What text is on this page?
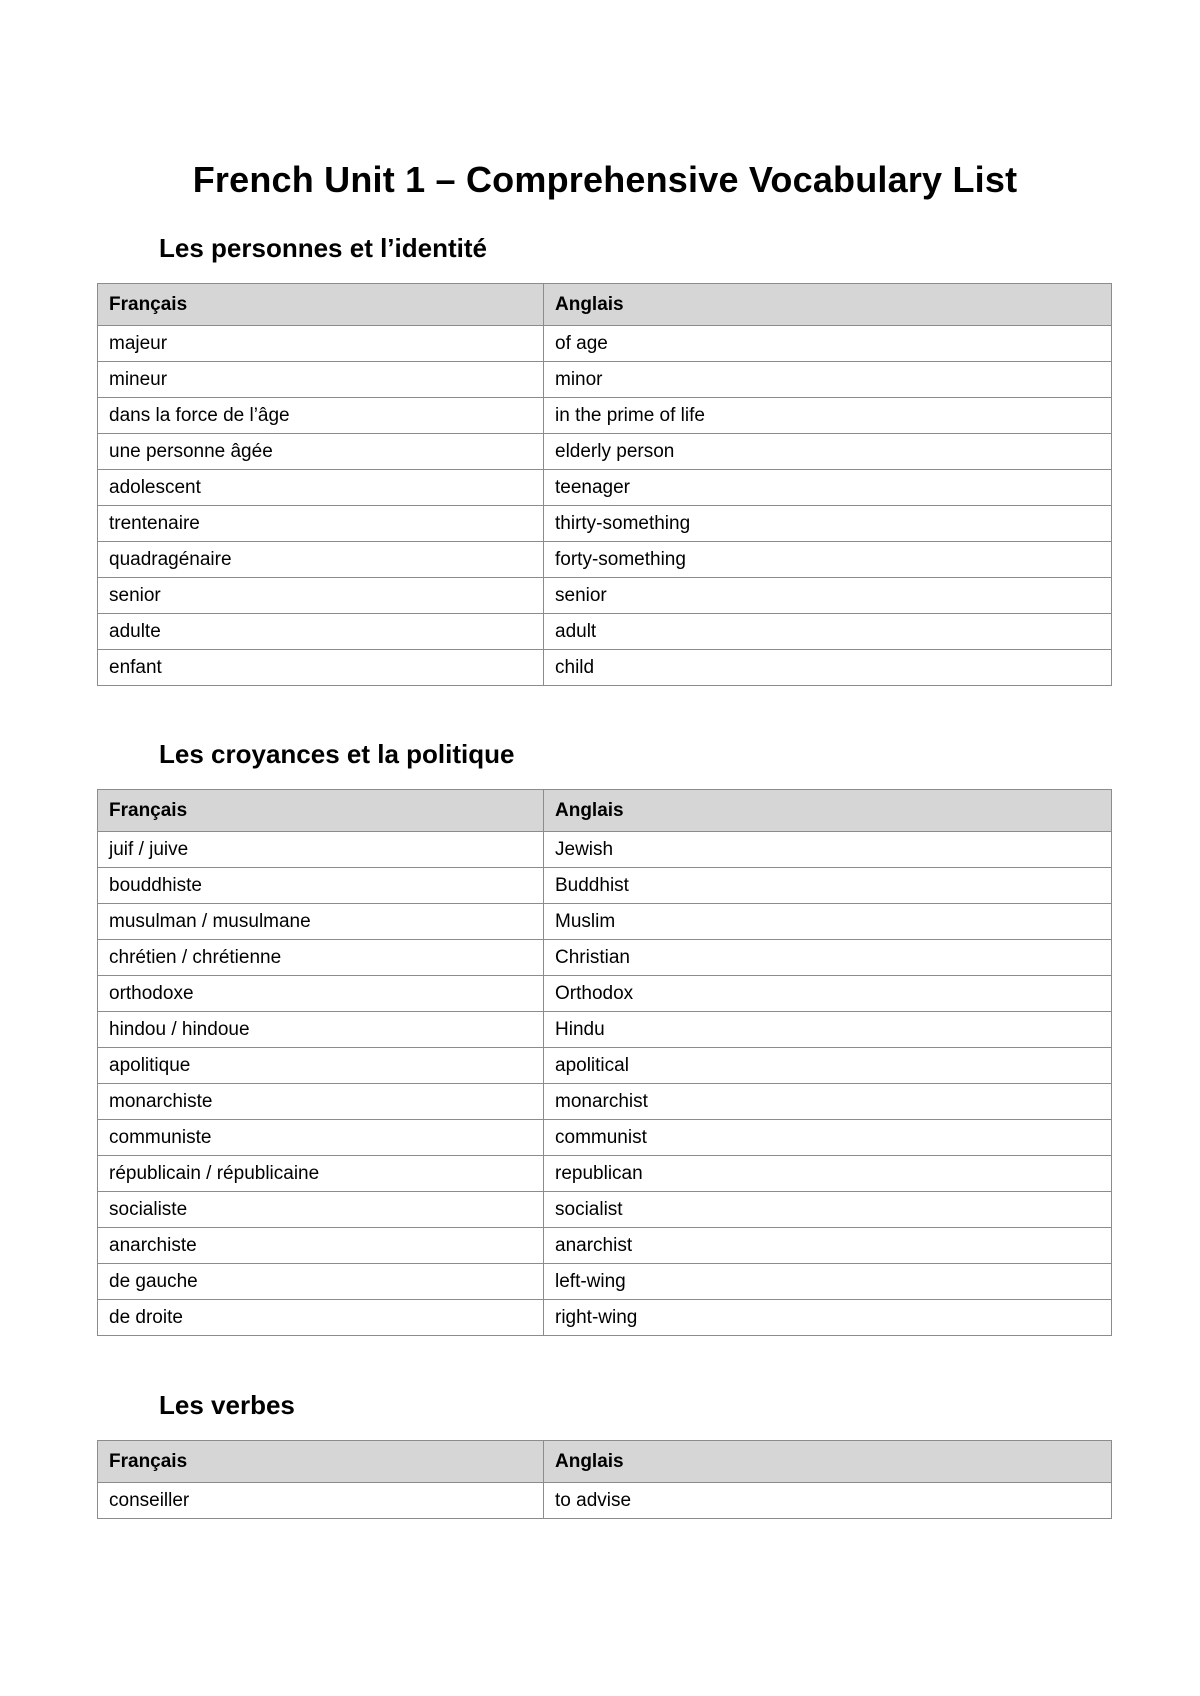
French Unit 1 – Comprehensive Vocabulary List
Les personnes et l’identité
Français	Anglais
majeur	of age
mineur	minor
dans la force de l’âge	in the prime of life
une personne âgée	elderly person
adolescent	teenager
trentenaire	thirty-something
quadragénaire	forty-something
senior	senior
adulte	adult
enfant	child
Les croyances et la politique
Français	Anglais
juif / juive	Jewish
bouddhiste	Buddhist
musulman / musulmane	Muslim
chrétien / chrétienne	Christian
orthodoxe	Orthodox
hindou / hindoue	Hindu
apolitique	apolitical
monarchiste	monarchist
communiste	communist
républicain / républicaine	republican
socialiste	socialist
anarchiste	anarchist
de gauche	left-wing
de droite	right-wing
Les verbes
Français	Anglais
conseiller	to advise
